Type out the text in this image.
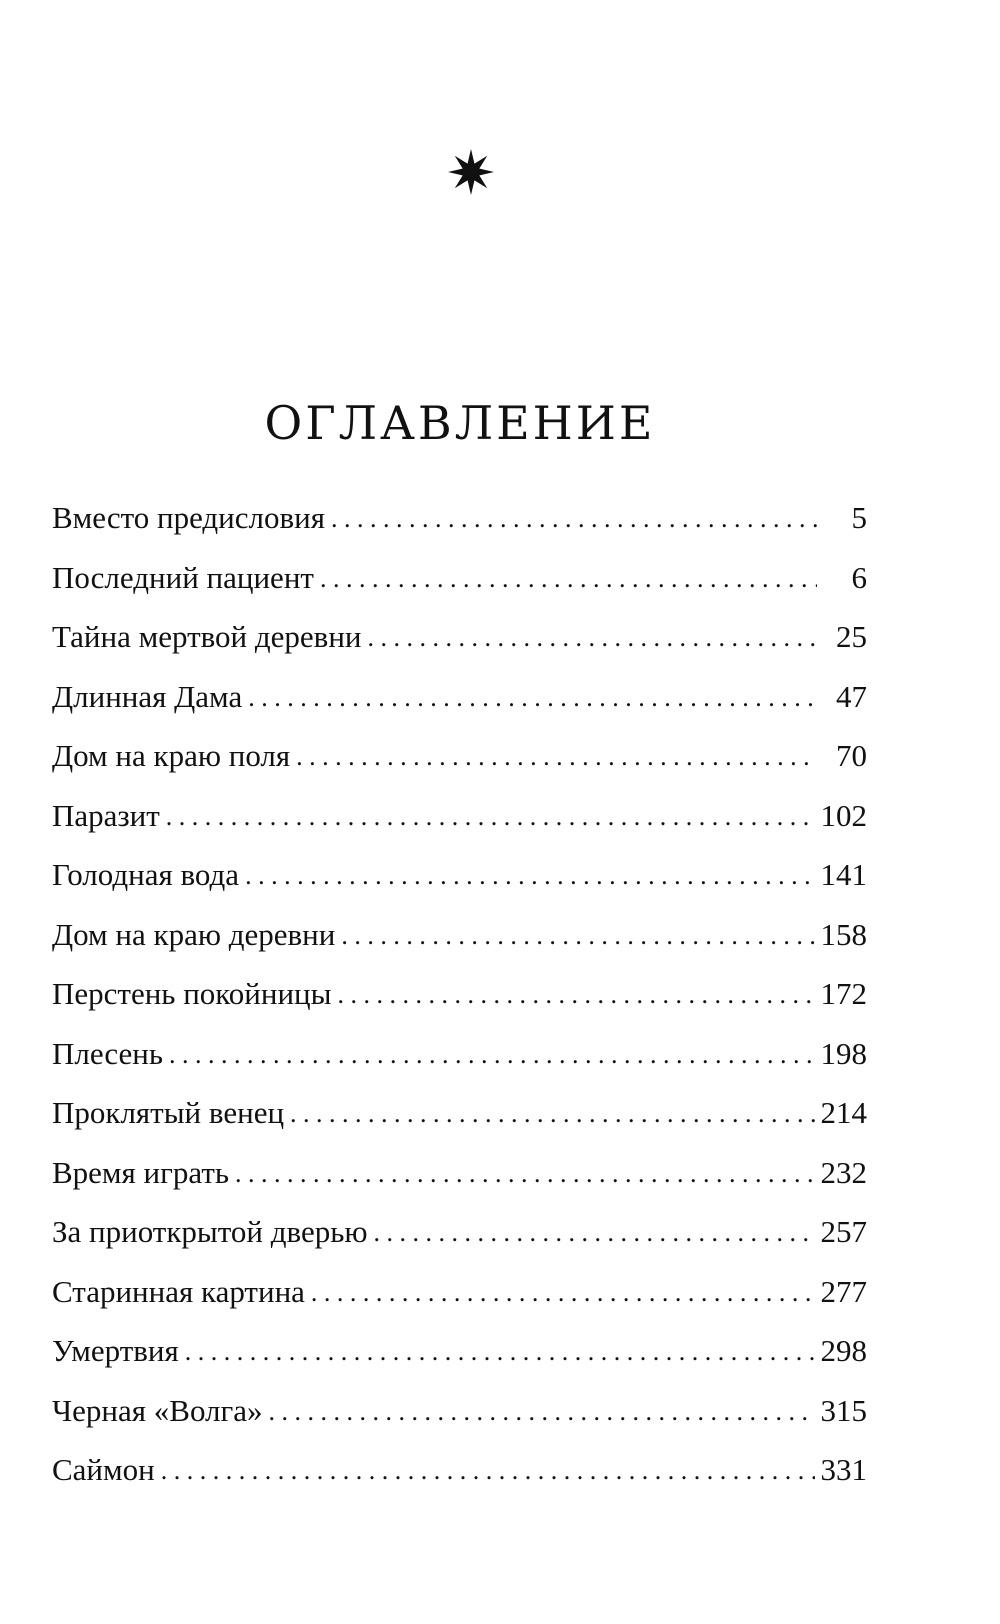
ОГЛАВЛЕНИЕ
Вместо предисловия . . .	5
Последний пациент . . .	6
Тайна мертвой деревни . . .	25
Длинная Дама . . .	47
Дом на краю поля . . .	70
Паразит . . .	102
Голодная вода . . .	141
Дом на краю деревни . . .	158
Перстень покойницы . . .	172
Плесень . . .	198
Проклятый венец . . .	214
Время играть . . .	232
За приоткрытой дверью . . .	257
Старинная картина . . .	277
Умертвия . . .	298
Черная «Волга» . . .	315
Саймон . . .	331
